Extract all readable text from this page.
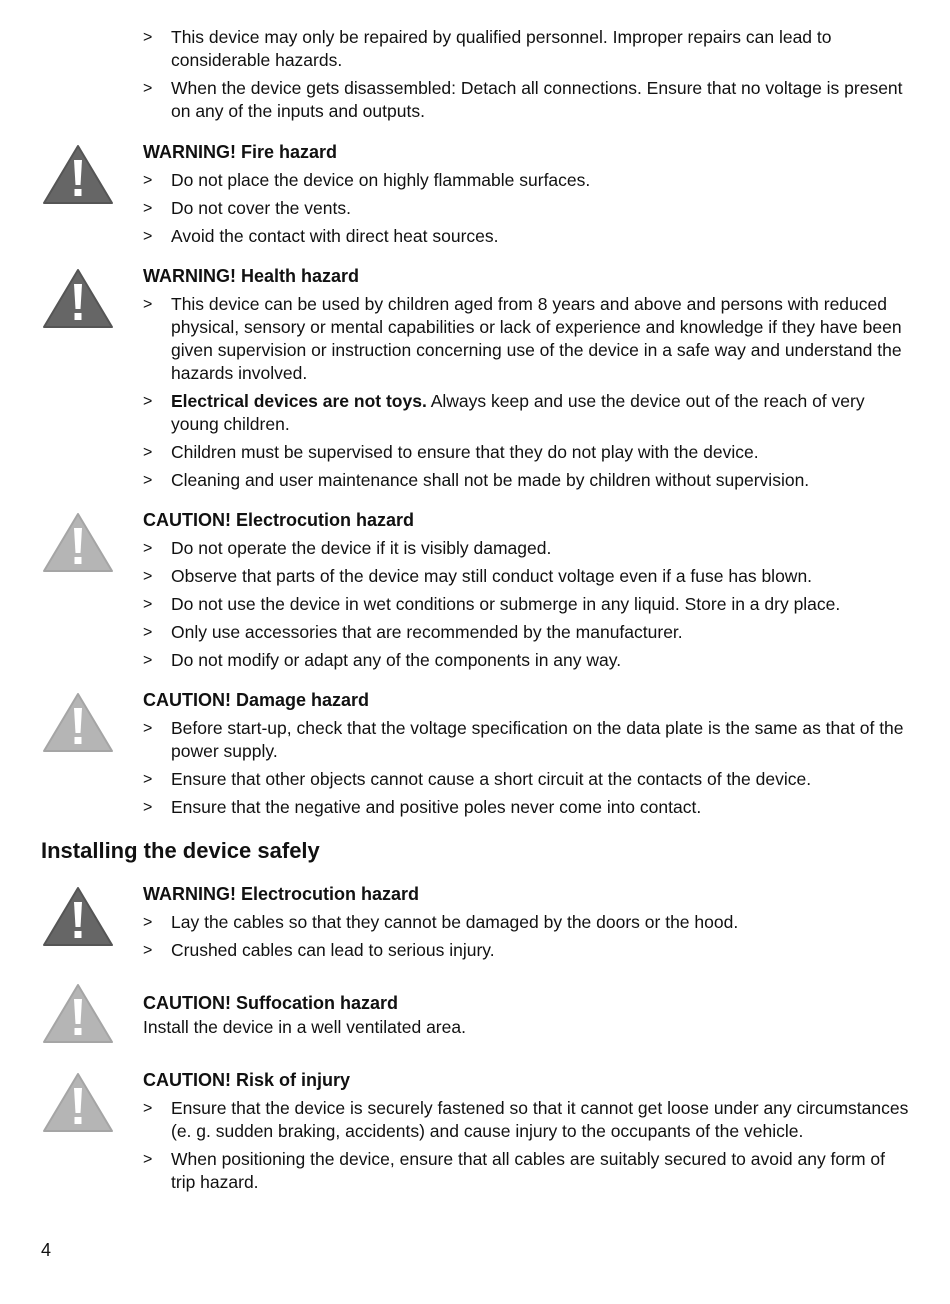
> This device may only be repaired by qualified personnel. Improper repairs can lead to considerable hazards.
> When the device gets disassembled: Detach all connections. Ensure that no voltage is present on any of the inputs and outputs.

WARNING! Fire hazard

> Do not place the device on highly flammable surfaces.
> Do not cover the vents.
> Avoid the contact with direct heat sources.

WARNING! Health hazard

> This device can be used by children aged from 8 years and above and persons with reduced physical, sensory or mental capabilities or lack of experience and knowledge if they have been given supervision or instruction concerning use of the device in a safe way and understand the hazards involved.
> Electrical devices are not toys. Always keep and use the device out of the reach of very young children.
> Children must be supervised to ensure that they do not play with the device.
> Cleaning and user maintenance shall not be made by children without supervision.

CAUTION! Electrocution hazard

> Do not operate the device if it is visibly damaged.
> Observe that parts of the device may still conduct voltage even if a fuse has blown.
> Do not use the device in wet conditions or submerge in any liquid. Store in a dry place.
> Only use accessories that are recommended by the manufacturer.
> Do not modify or adapt any of the components in any way.

CAUTION! Damage hazard

> Before start-up, check that the voltage specification on the data plate is the same as that of the power supply.
> Ensure that other objects cannot cause a short circuit at the contacts of the device.
> Ensure that the negative and positive poles never come into contact.
Installing the device safely

WARNING! Electrocution hazard

> Lay the cables so that they cannot be damaged by the doors or the hood.
> Crushed cables can lead to serious injury.

CAUTION! Suffocation hazard

Install the device in a well ventilated area.

CAUTION! Risk of injury

> Ensure that the device is securely fastened so that it cannot get loose under any circumstances (e. g. sudden braking, accidents) and cause injury to the occupants of the vehicle.
> When positioning the device, ensure that all cables are suitably secured to avoid any form of trip hazard.
4
